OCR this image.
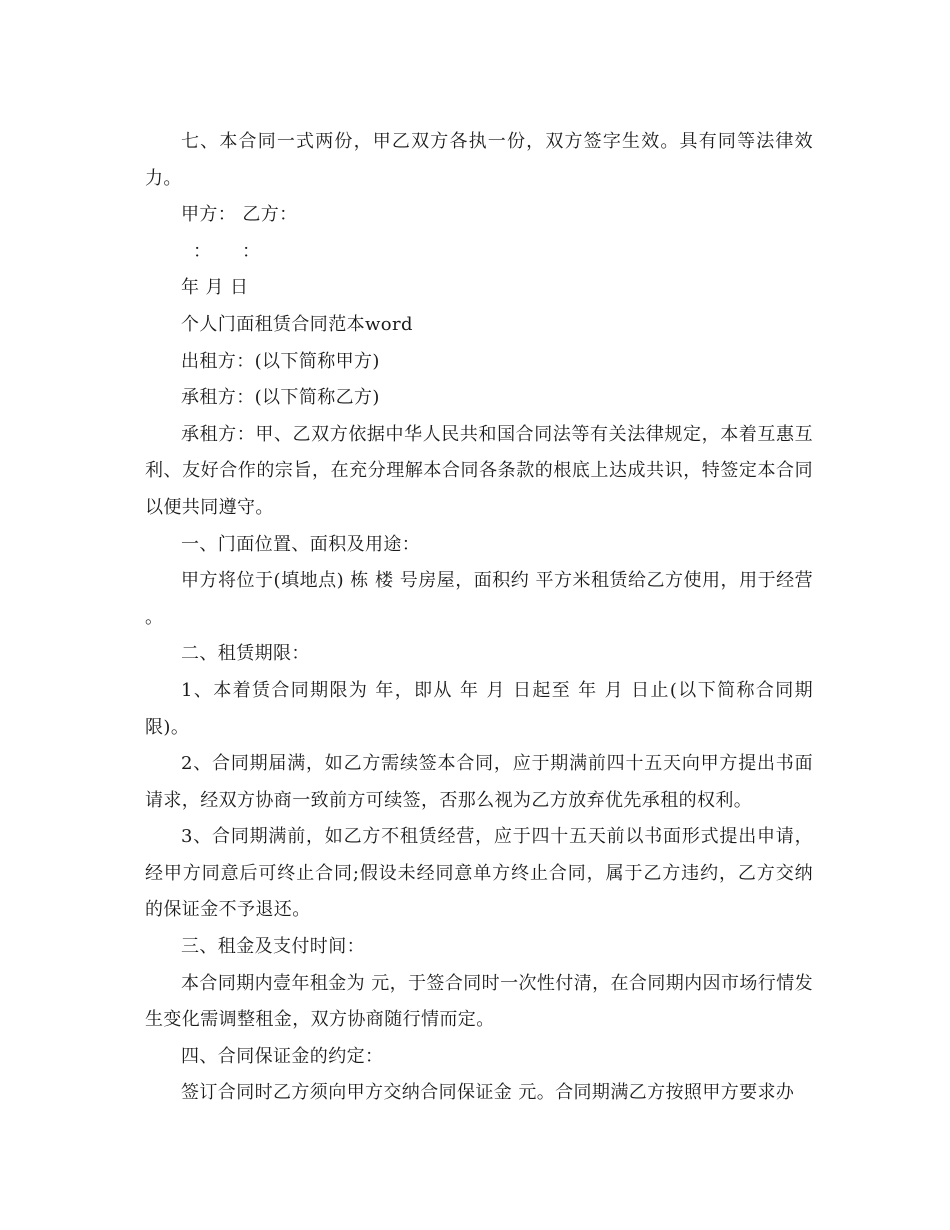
七、本合同一式两份，甲乙双方各执一份，双方签字生效。具有同等法律效力。

甲方： 乙方：

：     ：

年 月 日

个人门面租赁合同范本word

出租方：(以下简称甲方)

承租方：(以下简称乙方)

承租方：甲、乙双方依据中华人民共和国合同法等有关法律规定，本着互惠互利、友好合作的宗旨，在充分理解本合同各条款的根底上达成共识，特签定本合同以便共同遵守。

一、门面位置、面积及用途：

甲方将位于(填地点) 栋 楼 号房屋，面积约 平方米租赁给乙方使用，用于经营 。

二、租赁期限：

1、本着赁合同期限为 年，即从 年 月 日起至 年 月 日止(以下简称合同期限)。

2、合同期届满，如乙方需续签本合同，应于期满前四十五天向甲方提出书面请求，经双方协商一致前方可续签，否那么视为乙方放弃优先承租的权利。

3、合同期满前，如乙方不租赁经营，应于四十五天前以书面形式提出申请，经甲方同意后可终止合同;假设未经同意单方终止合同，属于乙方违约，乙方交纳的保证金不予退还。

三、租金及支付时间：

本合同期内壹年租金为 元，于签合同时一次性付清，在合同期内因市场行情发生变化需调整租金，双方协商随行情而定。

四、合同保证金的约定：

签订合同时乙方须向甲方交纳合同保证金 元。合同期满乙方按照甲方要求办
